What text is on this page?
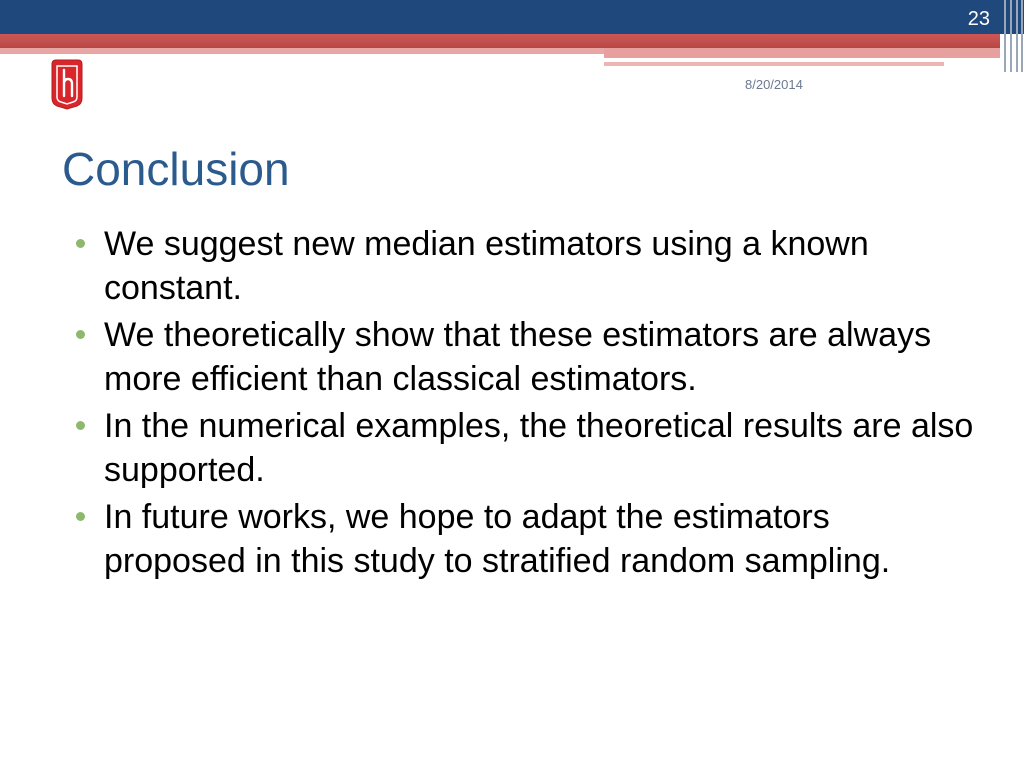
23
8/20/2014
Conclusion
We suggest new median estimators using a known constant.
We theoretically show that these estimators are always more efficient than classical estimators.
In the numerical examples, the theoretical results are also supported.
In future works, we hope to adapt the estimators proposed in this study to stratified random sampling.
